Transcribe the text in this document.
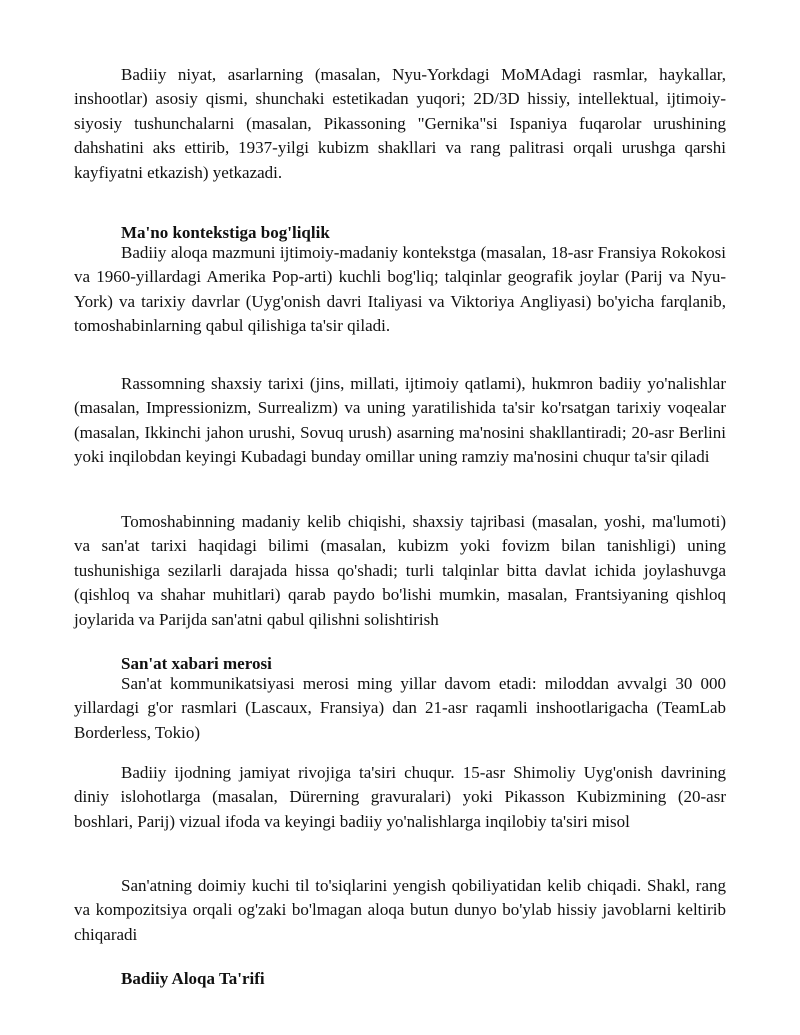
Badiiy niyat, asarlarning (masalan, Nyu-Yorkdagi MoMAdagi rasmlar, haykallar, inshootlar) asosiy qismi, shunchaki estetikadan yuqori; 2D/3D hissiy, intellektual, ijtimoiy-siyosiy tushunchalarni (masalan, Pikassoning "Gernika"si Ispaniya fuqarolar urushining dahshatini aks ettirib, 1937-yilgi kubizm shakllari va rang palitrasi orqali urushga qarshi kayfiyatni etkazish) yetkazadi.

Ma'no kontekstiga bog'liqlik

Badiiy aloqa mazmuni ijtimoiy-madaniy kontekstga (masalan, 18-asr Fransiya Rokokosi va 1960-yillardagi Amerika Pop-arti) kuchli bog'liq; talqinlar geografik joylar (Parij va Nyu-York) va tarixiy davrlar (Uyg'onish davri Italiyasi va Viktoriya Angliyasi) bo'yicha farqlanib, tomoshabinlarning qabul qilishiga ta'sir qiladi.

Rassomning shaxsiy tarixi (jins, millati, ijtimoiy qatlami), hukmron badiiy yo'nalishlar (masalan, Impressionizm, Surrealizm) va uning yaratilishida ta'sir ko'rsatgan tarixiy voqealar (masalan, Ikkinchi jahon urushi, Sovuq urush) asarning ma'nosini shakllantiradi; 20-asr Berlini yoki inqilobdan keyingi Kubadagi bunday omillar uning ramziy ma'nosini chuqur ta'sir qiladi

Tomoshabinning madaniy kelib chiqishi, shaxsiy tajribasi (masalan, yoshi, ma'lumoti) va san'at tarixi haqidagi bilimi (masalan, kubizm yoki fovizm bilan tanishligi) uning tushunishiga sezilarli darajada hissa qo'shadi; turli talqinlar bitta davlat ichida joylashuvga (qishloq va shahar muhitlari) qarab paydo bo'lishi mumkin, masalan, Frantsiyaning qishloq joylarida va Parijda san'atni qabul qilishni solishtirish

San'at xabari merosi

San'at kommunikatsiyasi merosi ming yillar davom etadi: miloddan avvalgi 30 000 yillardagi g'or rasmlari (Lascaux, Fransiya) dan 21-asr raqamli inshootlarigacha (TeamLab Borderless, Tokio)

Badiiy ijodning jamiyat rivojiga ta'siri chuqur. 15-asr Shimoliy Uyg'onish davrining diniy islohotlarga (masalan, Dürerning gravuralari) yoki Pikasson Kubizmining (20-asr boshlari, Parij) vizual ifoda va keyingi badiiy yo'nalishlarga inqilobiy ta'siri misol

San'atning doimiy kuchi til to'siqlarini yengish qobiliyatidan kelib chiqadi. Shakl, rang va kompozitsiya orqali og'zaki bo'lmagan aloqa butun dunyo bo'ylab hissiy javoblarni keltirib chiqaradi

Badiiy Aloqa Ta'rifi
